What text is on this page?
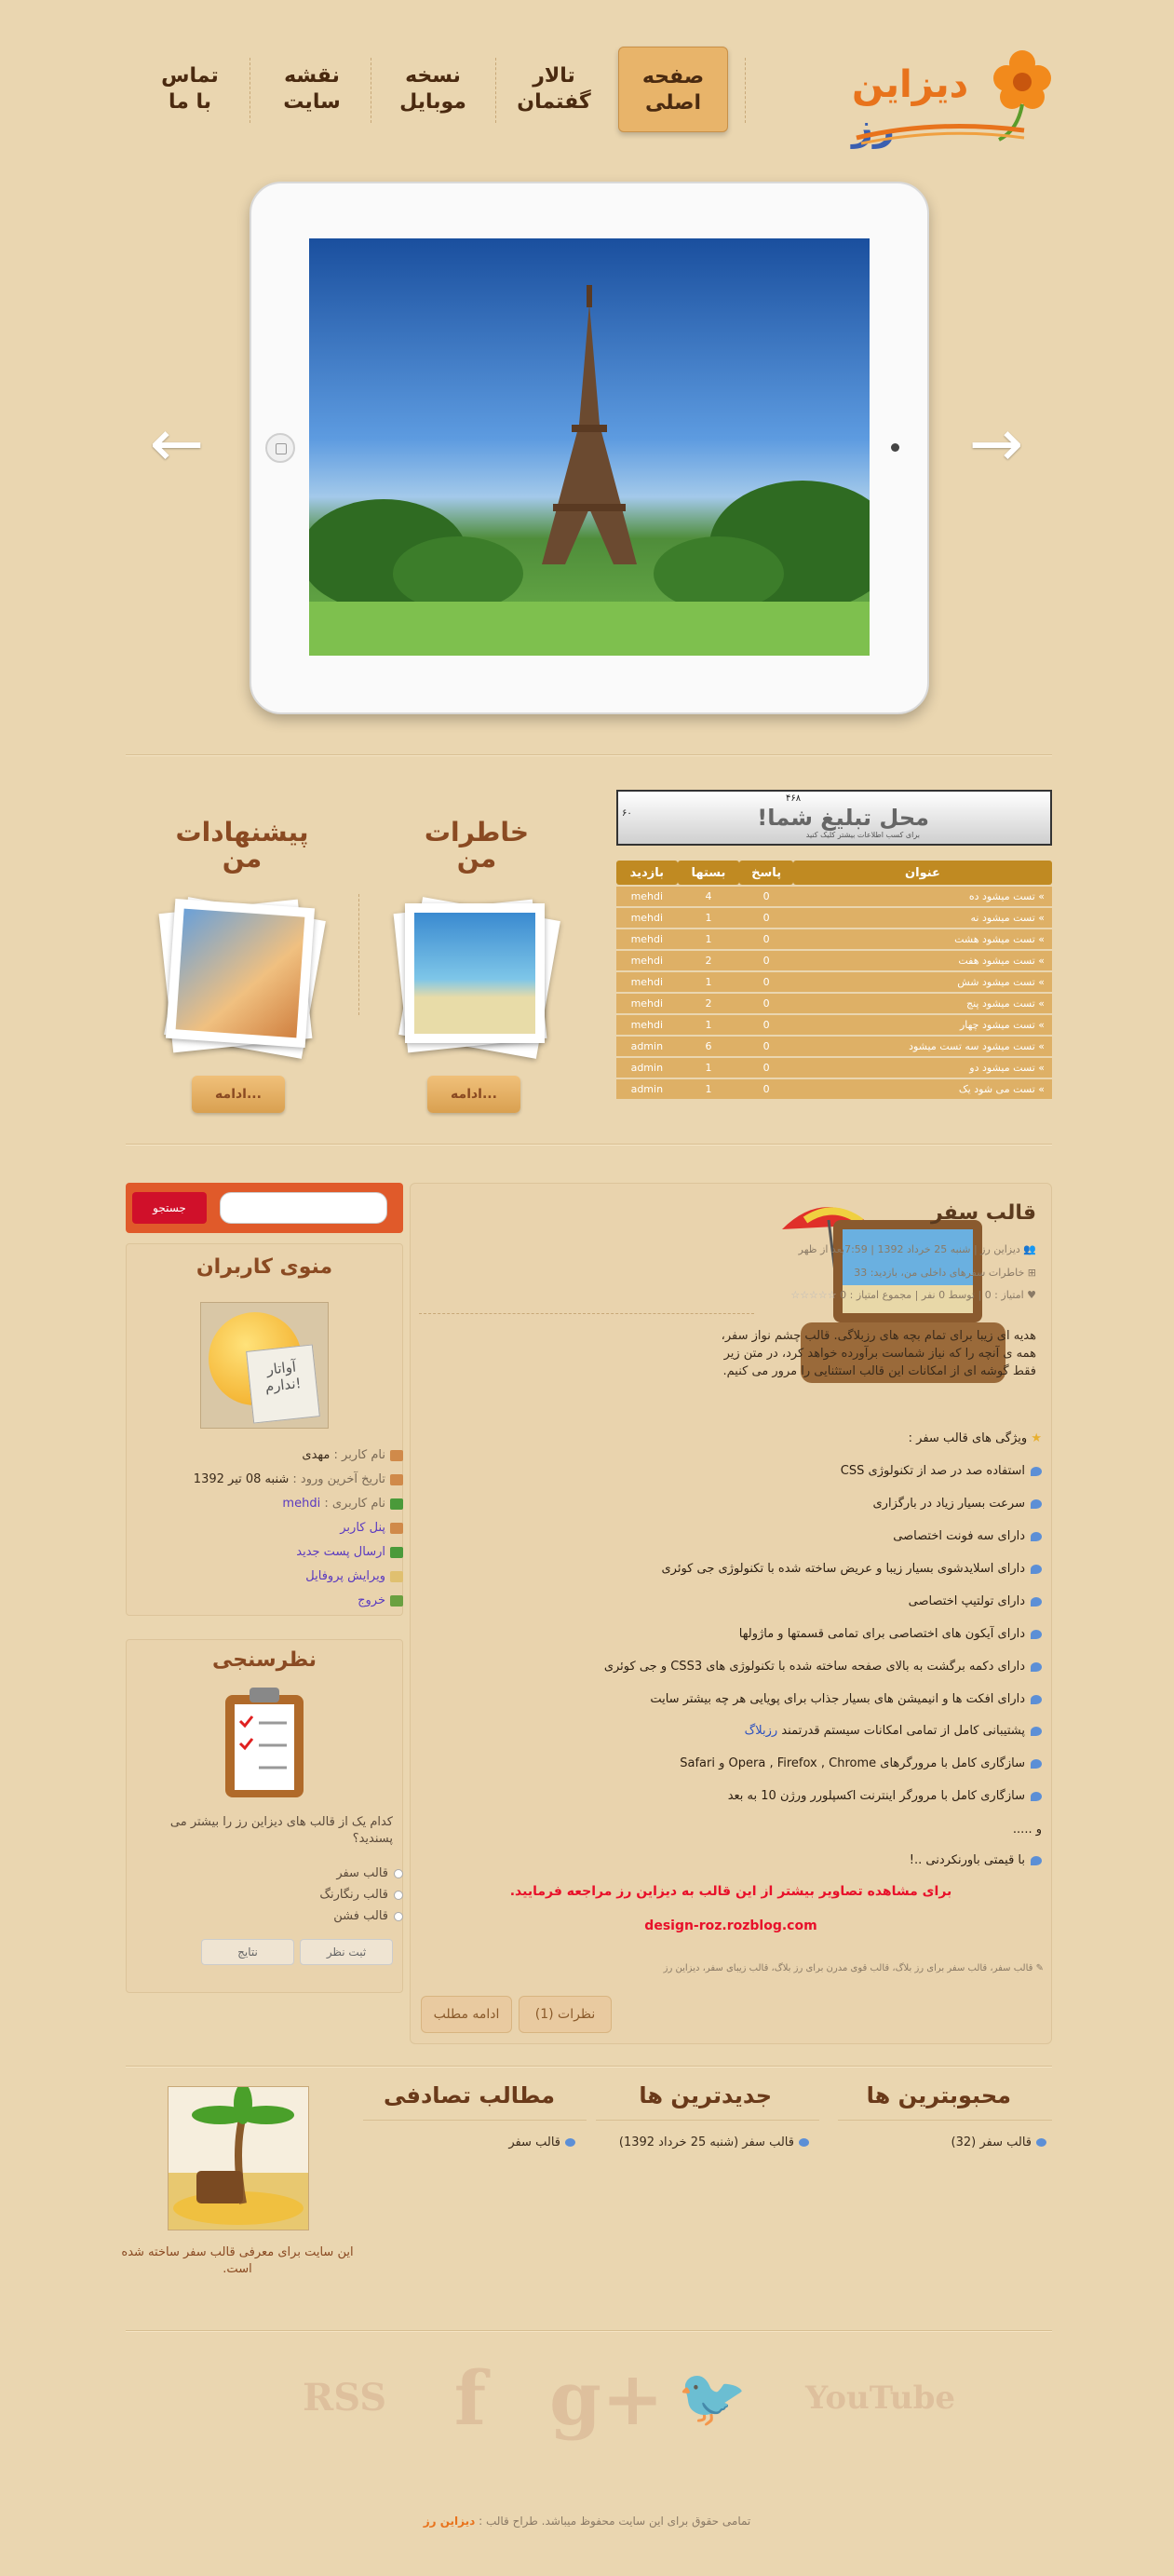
دیزاین رز
صفحه
اصلی
تالار
گفتمان
نسخه
موبایل
نقشه
سایت
تماس
با ما
←	→
محل تبلیغ شما!
برای کسب اطلاعات بیشتر کلیک کنید
۴۶۸
۶۰
عنوان	پاسخ	بستها	بازدید
» تست میشود ده	0	4	mehdi
» تست میشود نه	0	1	mehdi
» تست میشود هشت	0	1	mehdi
» تست میشود هفت	0	2	mehdi
» تست میشود شش	0	1	mehdi
» تست میشود پنج	0	2	mehdi
» تست میشود چهار	0	1	mehdi
» تست میشود سه تست میشود	0	6	admin
» تست میشود دو	0	1	admin
» تست می شود یک	0	1	admin
خاطرات
من
ادامه...
پیشنهادات
من
ادامه...
قالب سفر
👥 دیزاین رز | شنبه 25 خرداد 1392 | 7:59بعد از ظهر
⊞ خاطرات سفرهای داخلی من، بازدید: 33
♥ امتیاز : 0 | توسط 0 نفر | مجموع امتیاز : 0 ☆☆☆☆☆
هدیه ای زیبا برای تمام بچه های رزبلاگی. قالب چشم نواز سفر، همه ی آنچه را که نیاز شماست برآورده خواهد کرد، در متن زیر فقط گوشه ای از امکانات این قالب استثنایی را مرور می کنیم.
★ ویژگی های قالب سفر :
استفاده صد در صد از تکنولوژی CSS
سرعت بسیار زیاد در بارگزاری
دارای سه فونت اختصاصی
دارای اسلایدشوی بسیار زیبا و عریض ساخته شده با تکنولوژی جی کوئری
دارای تولتیپ اختصاصی
دارای آیکون های اختصاصی برای تمامی قسمتها و ماژولها
دارای دکمه برگشت به بالای صفحه ساخته شده با تکنولوژی های CSS3 و جی کوئری
دارای افکت ها و انیمیشن های بسیار جذاب برای پویایی هر چه بیشتر سایت
پشتیبانی کامل از تمامی امکانات سیستم قدرتمند رزبلاگ
سازگاری کامل با مرورگرهای Opera , Firefox , Chrome و Safari
سازگاری کامل با مرورگر اینترنت اکسپلورر ورژن 10 به بعد
و .....
با قیمتی باورنکردنی ..!
برای مشاهده تصاویر بیشتر از این قالب به دیزاین رز مراجعه فرمایید.
design-roz.rozblog.com
✎ قالب سفر، قالب سفر برای رز بلاگ، قالب قوی مدرن برای رز بلاگ، قالب زیبای سفر، دیزاین رز
نظرات (1)
ادامه مطلب
جستجو
منوی کاربران
آواتار
ندارم!
نام کاربر : مهدی
تاریخ آخرین ورود : شنبه 08 تیر 1392
نام کاربری : mehdi
پنل کاربر
ارسال پست جدید
ویرایش پروفایل
خروج
نظرسنجی
کدام یک از قالب های دیزاین رز را بیشتر می پسندید؟
قالب سفر
قالب رنگارنگ
قالب فشن
ثبت نظر
نتایج
محبوبترین ها
قالب سفر (32)
جدیدترین ها
قالب سفر (شنبه 25 خرداد 1392)
مطالب تصادفی
قالب سفر
این سایت برای معرفی قالب سفر ساخته شده است.
YouTube
🐦
g+
f
RSS
تمامی حقوق برای این سایت محفوظ میباشد. طراح قالب : دیزاین رز
